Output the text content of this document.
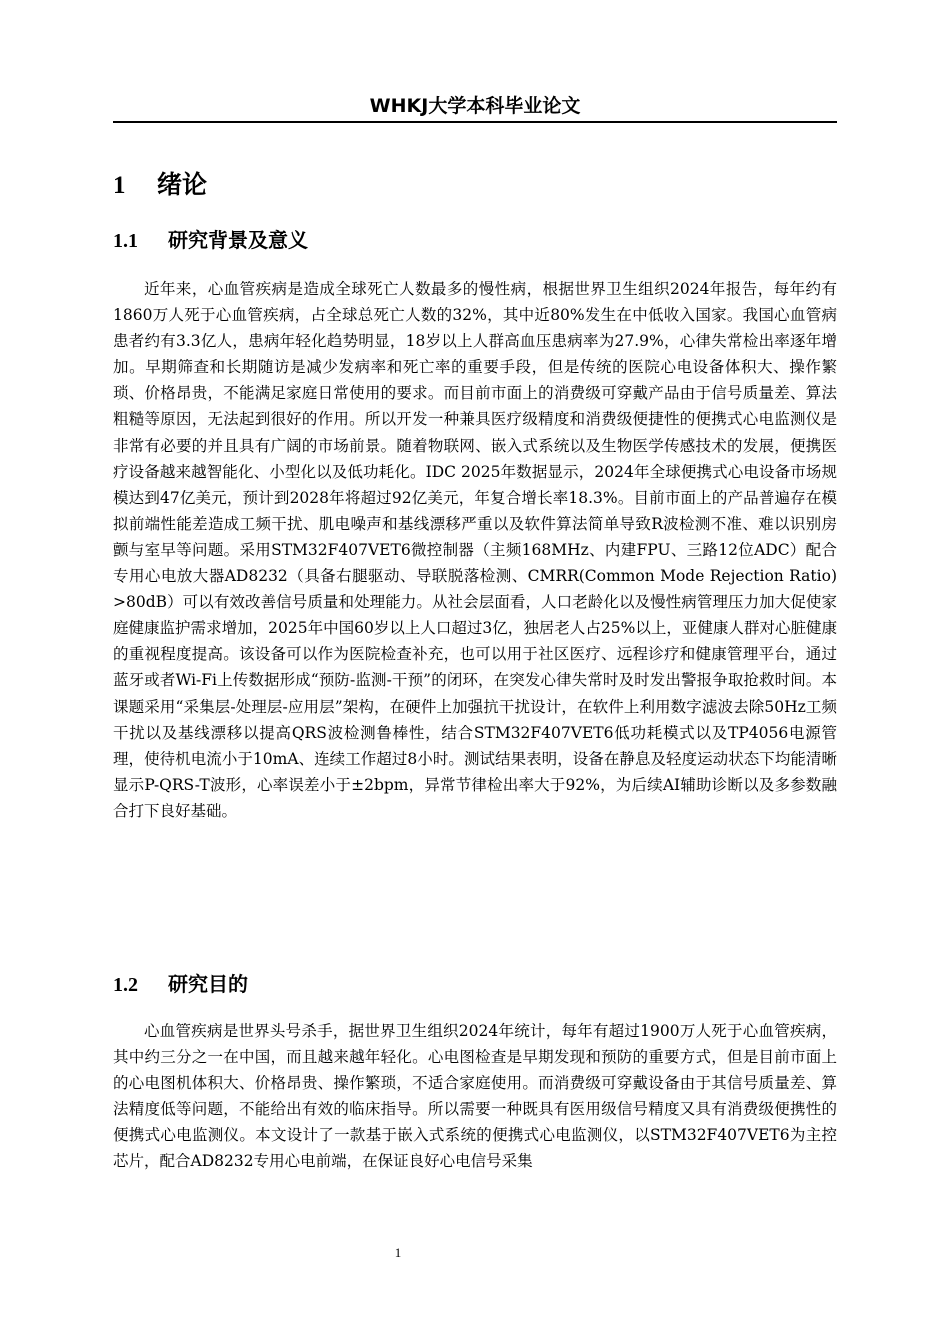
WHKJ大学本科毕业论文
1 绪论
1.1 研究背景及意义

近年来，心血管疾病是造成全球死亡人数最多的慢性病，根据世界卫生组织2024年报告，每年约有1860万人死于心血管疾病，占全球总死亡人数的32%，其中近80%发生在中低收入国家。我国心血管病患者约有3.3亿人，患病年轻化趋势明显，18岁以上人群高血压患病率为27.9%，心律失常检出率逐年增加。早期筛查和长期随访是减少发病率和死亡率的重要手段，但是传统的医院心电设备体积大、操作繁琐、价格昂贵，不能满足家庭日常使用的要求。而目前市面上的消费级可穿戴产品由于信号质量差、算法粗糙等原因，无法起到很好的作用。所以开发一种兼具医疗级精度和消费级便捷性的便携式心电监测仪是非常有必要的并且具有广阔的市场前景。随着物联网、嵌入式系统以及生物医学传感技术的发展，便携医疗设备越来越智能化、小型化以及低功耗化。IDC 2025年数据显示，2024年全球便携式心电设备市场规模达到47亿美元，预计到2028年将超过92亿美元，年复合增长率18.3%。目前市面上的产品普遍存在模拟前端性能差造成工频干扰、肌电噪声和基线漂移严重以及软件算法简单导致R波检测不准、难以识别房颤与室早等问题。采用STM32F407VET6微控制器（主频168MHz、内建FPU、三路12位ADC）配合专用心电放大器AD8232（具备右腿驱动、导联脱落检测、CMRR(Common Mode Rejection Ratio) >80dB）可以有效改善信号质量和处理能力。从社会层面看，人口老龄化以及慢性病管理压力加大促使家庭健康监护需求增加，2025年中国60岁以上人口超过3亿，独居老人占25%以上，亚健康人群对心脏健康的重视程度提高。该设备可以作为医院检查补充，也可以用于社区医疗、远程诊疗和健康管理平台，通过蓝牙或者Wi-Fi上传数据形成“预防-监测-干预”的闭环，在突发心律失常时及时发出警报争取抢救时间。本课题采用“采集层-处理层-应用层”架构，在硬件上加强抗干扰设计，在软件上利用数字滤波去除50Hz工频干扰以及基线漂移以提高QRS波检测鲁棒性，结合STM32F407VET6低功耗模式以及TP4056电源管理，使待机电流小于10mA、连续工作超过8小时。测试结果表明，设备在静息及轻度运动状态下均能清晰显示P-QRS-T波形，心率误差小于±2bpm，异常节律检出率大于92%，为后续AI辅助诊断以及多参数融合打下良好基础。

1.2 研究目的

心血管疾病是世界头号杀手，据世界卫生组织2024年统计，每年有超过1900万人死于心血管疾病，其中约三分之一在中国，而且越来越年轻化。心电图检查是早期发现和预防的重要方式，但是目前市面上的心电图机体积大、价格昂贵、操作繁琐，不适合家庭使用。而消费级可穿戴设备由于其信号质量差、算法精度低等问题，不能给出有效的临床指导。所以需要一种既具有医用级信号精度又具有消费级便携性的便携式心电监测仪。本文设计了一款基于嵌入式系统的便携式心电监测仪，以STM32F407VET6为主控芯片，配合AD8232专用心电前端，在保证良好心电信号采集

1
